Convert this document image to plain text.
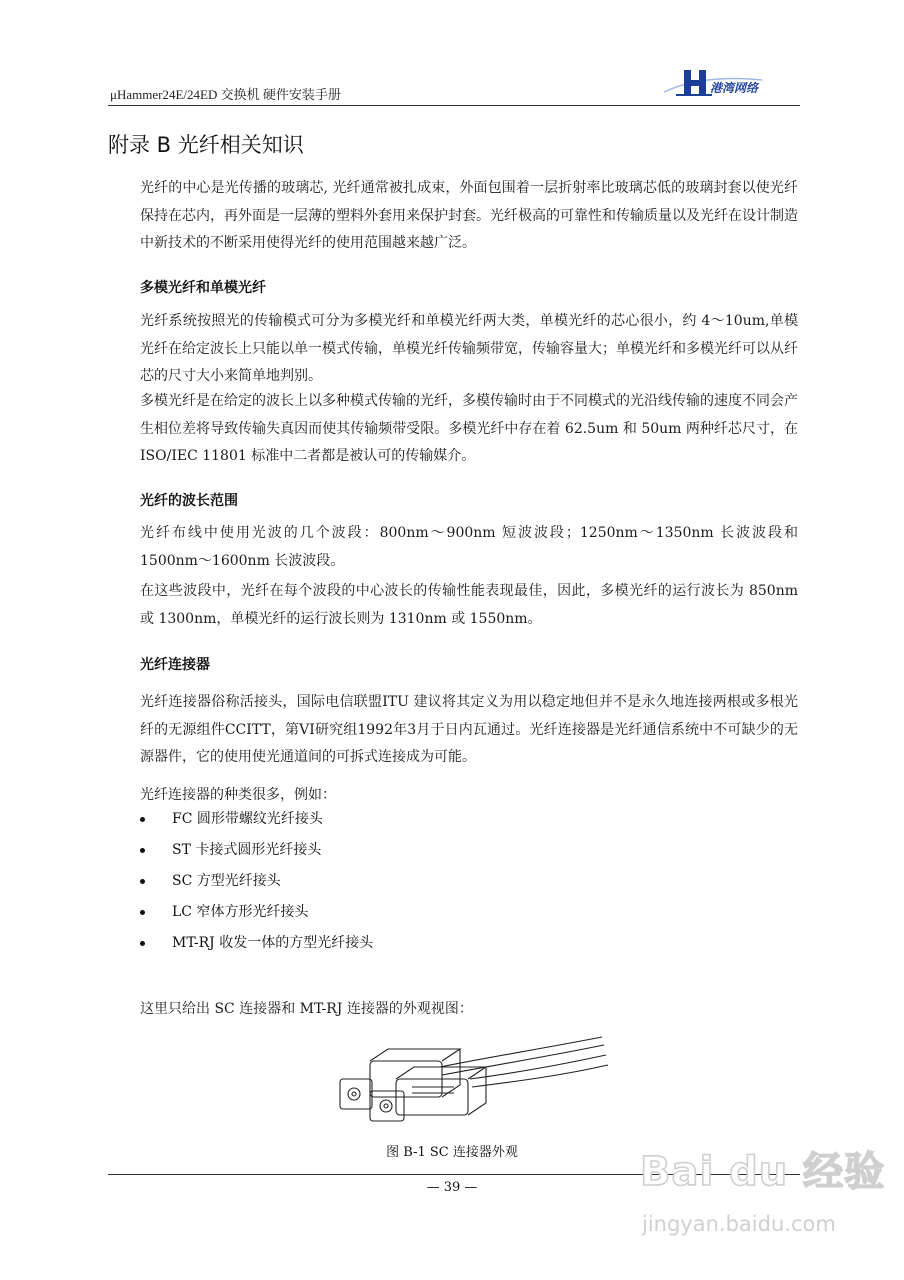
μHammer24E/24ED 交换机 硬件安装手册	港湾网络
附录 B 光纤相关知识

光纤的中心是光传播的玻璃芯, 光纤通常被扎成束，外面包围着一层折射率比玻璃芯低的玻璃封套以使光纤保持在芯内，再外面是一层薄的塑料外套用来保护封套。光纤极高的可靠性和传输质量以及光纤在设计制造中新技术的不断采用使得光纤的使用范围越来越广泛。

多模光纤和单模光纤

光纤系统按照光的传输模式可分为多模光纤和单模光纤两大类，单模光纤的芯心很小，约 4～10um,单模光纤在给定波长上只能以单一模式传输，单模光纤传输频带宽，传输容量大；单模光纤和多模光纤可以从纤芯的尺寸大小来简单地判别。

多模光纤是在给定的波长上以多种模式传输的光纤，多模传输时由于不同模式的光沿线传输的速度不同会产生相位差将导致传输失真因而使其传输频带受限。多模光纤中存在着 62.5um 和 50um 两种纤芯尺寸，在 ISO/IEC 11801 标准中二者都是被认可的传输媒介。

光纤的波长范围

光纤布线中使用光波的几个波段：800nm～900nm 短波波段；1250nm～1350nm 长波波段和 1500nm～1600nm 长波波段。

在这些波段中，光纤在每个波段的中心波长的传输性能表现最佳，因此，多模光纤的运行波长为 850nm 或 1300nm，单模光纤的运行波长则为 1310nm 或 1550nm。

光纤连接器

光纤连接器俗称活接头，国际电信联盟ITU 建议将其定义为用以稳定地但并不是永久地连接两根或多根光纤的无源组件CCITT，第VI研究组1992年3月于日内瓦通过。光纤连接器是光纤通信系统中不可缺少的无源器件，它的使用使光通道间的可拆式连接成为可能。

光纤连接器的种类很多，例如：

FC 圆形带螺纹光纤接头
ST 卡接式圆形光纤接头
SC 方型光纤接头
LC 窄体方形光纤接头
MT-RJ 收发一体的方型光纤接头

这里只给出 SC 连接器和 MT-RJ 连接器的外观视图：

图 B-1 SC 连接器外观

— 39 —	Bai du 经验
jingyan.baidu.com
